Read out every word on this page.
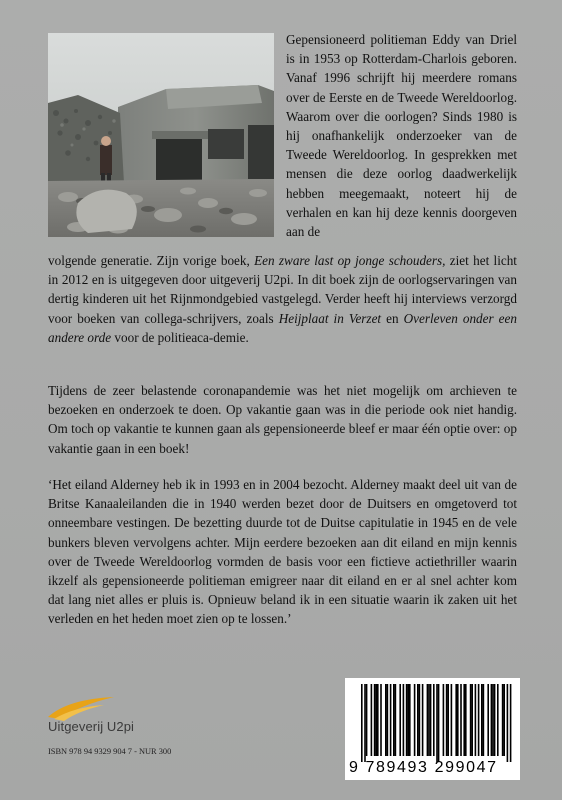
Gepensioneerd politieman Eddy van Driel is in 1953 op Rotterdam-Charlois geboren. Vanaf 1996 schrijft hij meerdere romans over de Eerste en de Tweede Wereldoorlog. Waarom over die oorlogen? Sinds 1980 is hij onafhankelijk onderzoeker van de Tweede Wereldoorlog. In gesprekken met mensen die deze oorlog daadwerkelijk hebben meegemaakt, noteert hij de verhalen en kan hij deze kennis doorgeven aan de

volgende generatie. Zijn vorige boek, Een zware last op jonge schouders, ziet het licht in 2012 en is uitgegeven door uitgeverij U2pi. In dit boek zijn de oorlogservaringen van dertig kinderen uit het Rijnmondgebied vastgelegd. Verder heeft hij interviews verzorgd voor boeken van collega-schrijvers, zoals Heijplaat in Verzet en Overleven onder een andere orde voor de politieaca-demie.

Tijdens de zeer belastende coronapandemie was het niet mogelijk om archieven te bezoeken en onderzoek te doen. Op vakantie gaan was in die periode ook niet handig. Om toch op vakantie te kunnen gaan als gepensioneerde bleef er maar één optie over: op vakantie gaan in een boek!

‘Het eiland Alderney heb ik in 1993 en in 2004 bezocht. Alderney maakt deel uit van de Britse Kanaaleilanden die in 1940 werden bezet door de Duitsers en omgetoverd tot onneembare vestingen. De bezetting duurde tot de Duitse capitulatie in 1945 en de vele bunkers bleven vervolgens achter. Mijn eerdere bezoeken aan dit eiland en mijn kennis over de Tweede Wereldoorlog vormden de basis voor een fictieve actiethriller waarin ikzelf als gepensioneerde politieman emigreer naar dit eiland en er al snel achter kom dat lang niet alles er pluis is. Opnieuw beland ik in een situatie waarin ik zaken uit het verleden en het heden moet zien op te lossen.’

Uitgeverij U2pi
ISBN 978 94 9329 904 7 - NUR 300
9 789493 299047
